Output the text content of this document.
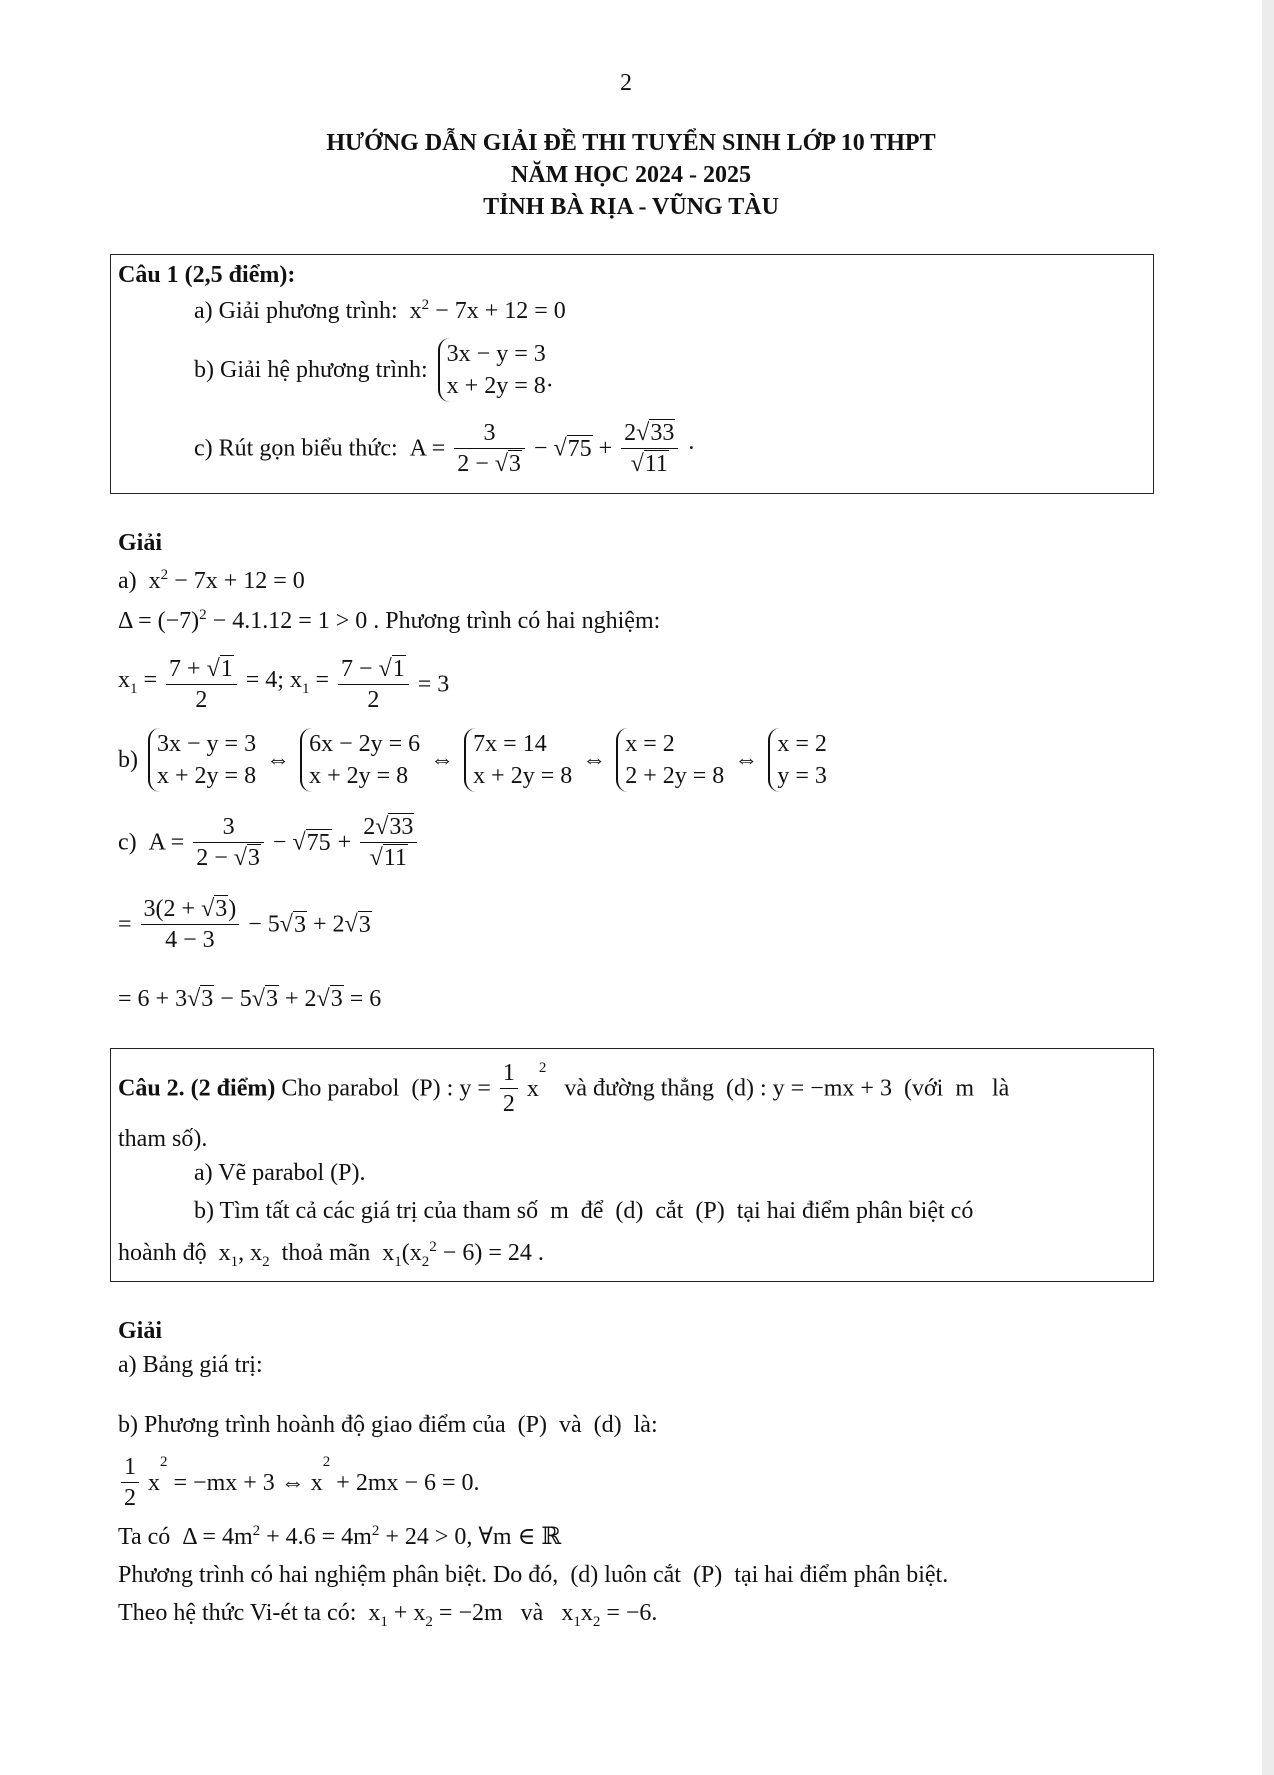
2
HƯỚNG DẪN GIẢI ĐỀ THI TUYỂN SINH LỚP 10 THPT
NĂM HỌC 2024 - 2025
TỈNH BÀ RỊA - VŨNG TÀU
Câu 1 (2,5 điểm):
a) Giải phương trình:  $x^2 - 7x + 12 = 0$
b) Giải hệ phương trình:
3x − y = 3
x + 2y = 8·
c) Rút gọn biểu thức:  $A = \frac{3}{2 - √3} - √75 + \frac{2√33}{√11}$ ·
Giải
a)  $x^2 - 7x + 12 = 0$
$\Delta = (-7)^2 - 4.1.12 = 1 > 0$ . Phương trình có hai nghiệm:
$x_1 = \frac{7 + √1}{2} = 4$; $x_1 = \frac{7 - √1}{2} = 3$
b)
3x − y = 3
x + 2y = 8
⇔
6x − 2y = 6
x + 2y = 8
⇔
7x = 14
x + 2y = 8
⇔
x = 2
2 + 2y = 8
⇔
x = 2
y = 3
c)  $A = \frac{3}{2 - √3} - √75 + \frac{2√33}{√11}$
= $\frac{3(2 + √3)}{4 - 3} - 5√3 + 2√3$
= 6 + 3√3 − 5√3 + 2√3 = 6
Câu 2. (2 điểm) Cho parabol  (P) : $y = \frac{1}{2} x^2$   và đường thẳng  (d) : y = −mx + 3  (với  m   là
tham số).
a) Vẽ parabol (P).
b) Tìm tất cả các giá trị của tham số  m  để  (d)  cắt  (P)  tại hai điểm phân biệt có
hoành độ  $x_1$, $x_2$ thoả mãn  $x_1(x_2^2 - 6) = 24$ .
Giải
a) Bảng giá trị:
b) Phương trình hoành độ giao điểm của  (P)  và  (d)  là:
$\frac{1}{2} x^2 = -mx + 3$ ⇔ $x^2 + 2mx - 6 = 0$.
Ta có  $\Delta = 4m^2 + 4.6 = 4m^2 + 24 > 0$, ∀m ∈ ℝ
Phương trình có hai nghiệm phân biệt. Do đó,  (d) luôn cắt  (P)  tại hai điểm phân biệt.
Theo hệ thức Vi-ét ta có:  $x_1 + x_2 = -2m$   và   $x_1x_2 = -6$.
